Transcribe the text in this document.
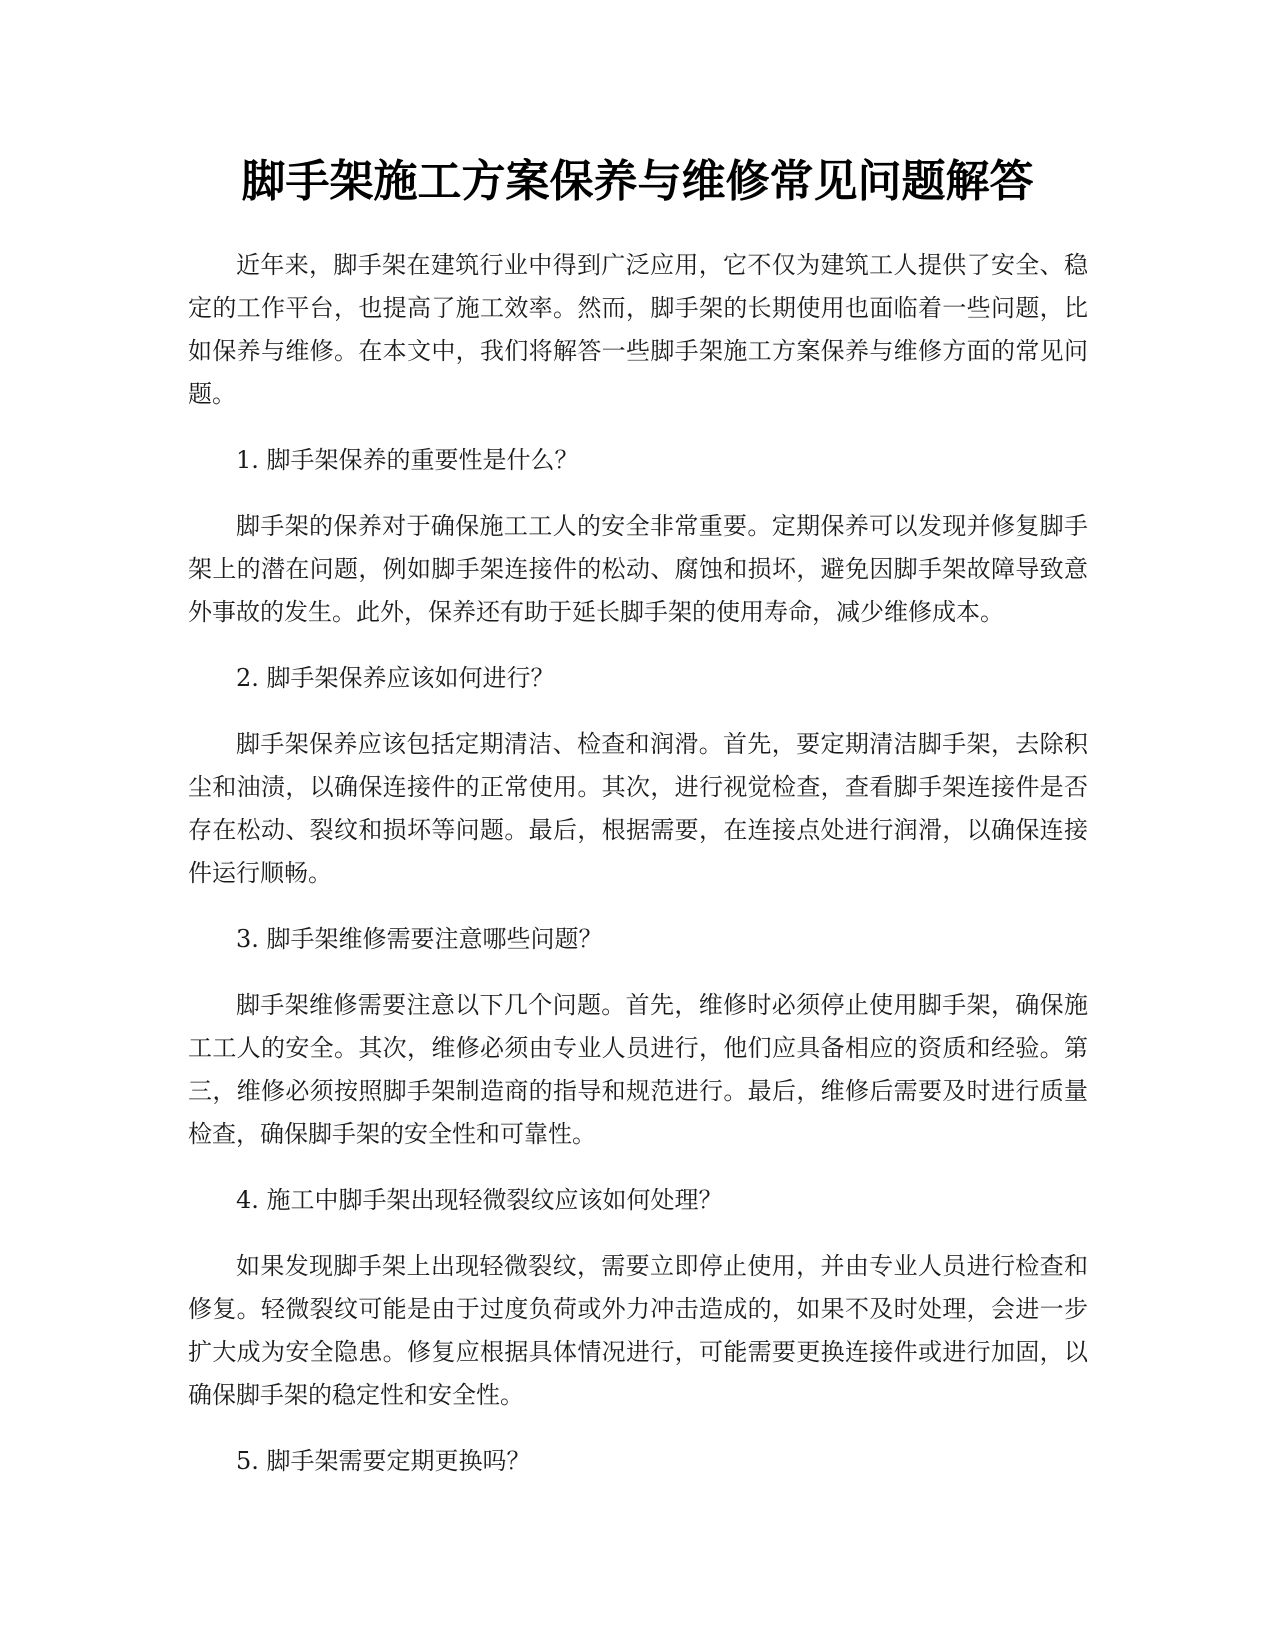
脚手架施工方案保养与维修常见问题解答

近年来，脚手架在建筑行业中得到广泛应用，它不仅为建筑工人提供了安全、稳定的工作平台，也提高了施工效率。然而，脚手架的长期使用也面临着一些问题，比如保养与维修。在本文中，我们将解答一些脚手架施工方案保养与维修方面的常见问题。

1. 脚手架保养的重要性是什么？

脚手架的保养对于确保施工工人的安全非常重要。定期保养可以发现并修复脚手架上的潜在问题，例如脚手架连接件的松动、腐蚀和损坏，避免因脚手架故障导致意外事故的发生。此外，保养还有助于延长脚手架的使用寿命，减少维修成本。

2. 脚手架保养应该如何进行？

脚手架保养应该包括定期清洁、检查和润滑。首先，要定期清洁脚手架，去除积尘和油渍，以确保连接件的正常使用。其次，进行视觉检查，查看脚手架连接件是否存在松动、裂纹和损坏等问题。最后，根据需要，在连接点处进行润滑，以确保连接件运行顺畅。

3. 脚手架维修需要注意哪些问题？

脚手架维修需要注意以下几个问题。首先，维修时必须停止使用脚手架，确保施工工人的安全。其次，维修必须由专业人员进行，他们应具备相应的资质和经验。第三，维修必须按照脚手架制造商的指导和规范进行。最后，维修后需要及时进行质量检查，确保脚手架的安全性和可靠性。

4. 施工中脚手架出现轻微裂纹应该如何处理？

如果发现脚手架上出现轻微裂纹，需要立即停止使用，并由专业人员进行检查和修复。轻微裂纹可能是由于过度负荷或外力冲击造成的，如果不及时处理，会进一步扩大成为安全隐患。修复应根据具体情况进行，可能需要更换连接件或进行加固，以确保脚手架的稳定性和安全性。

5. 脚手架需要定期更换吗？
